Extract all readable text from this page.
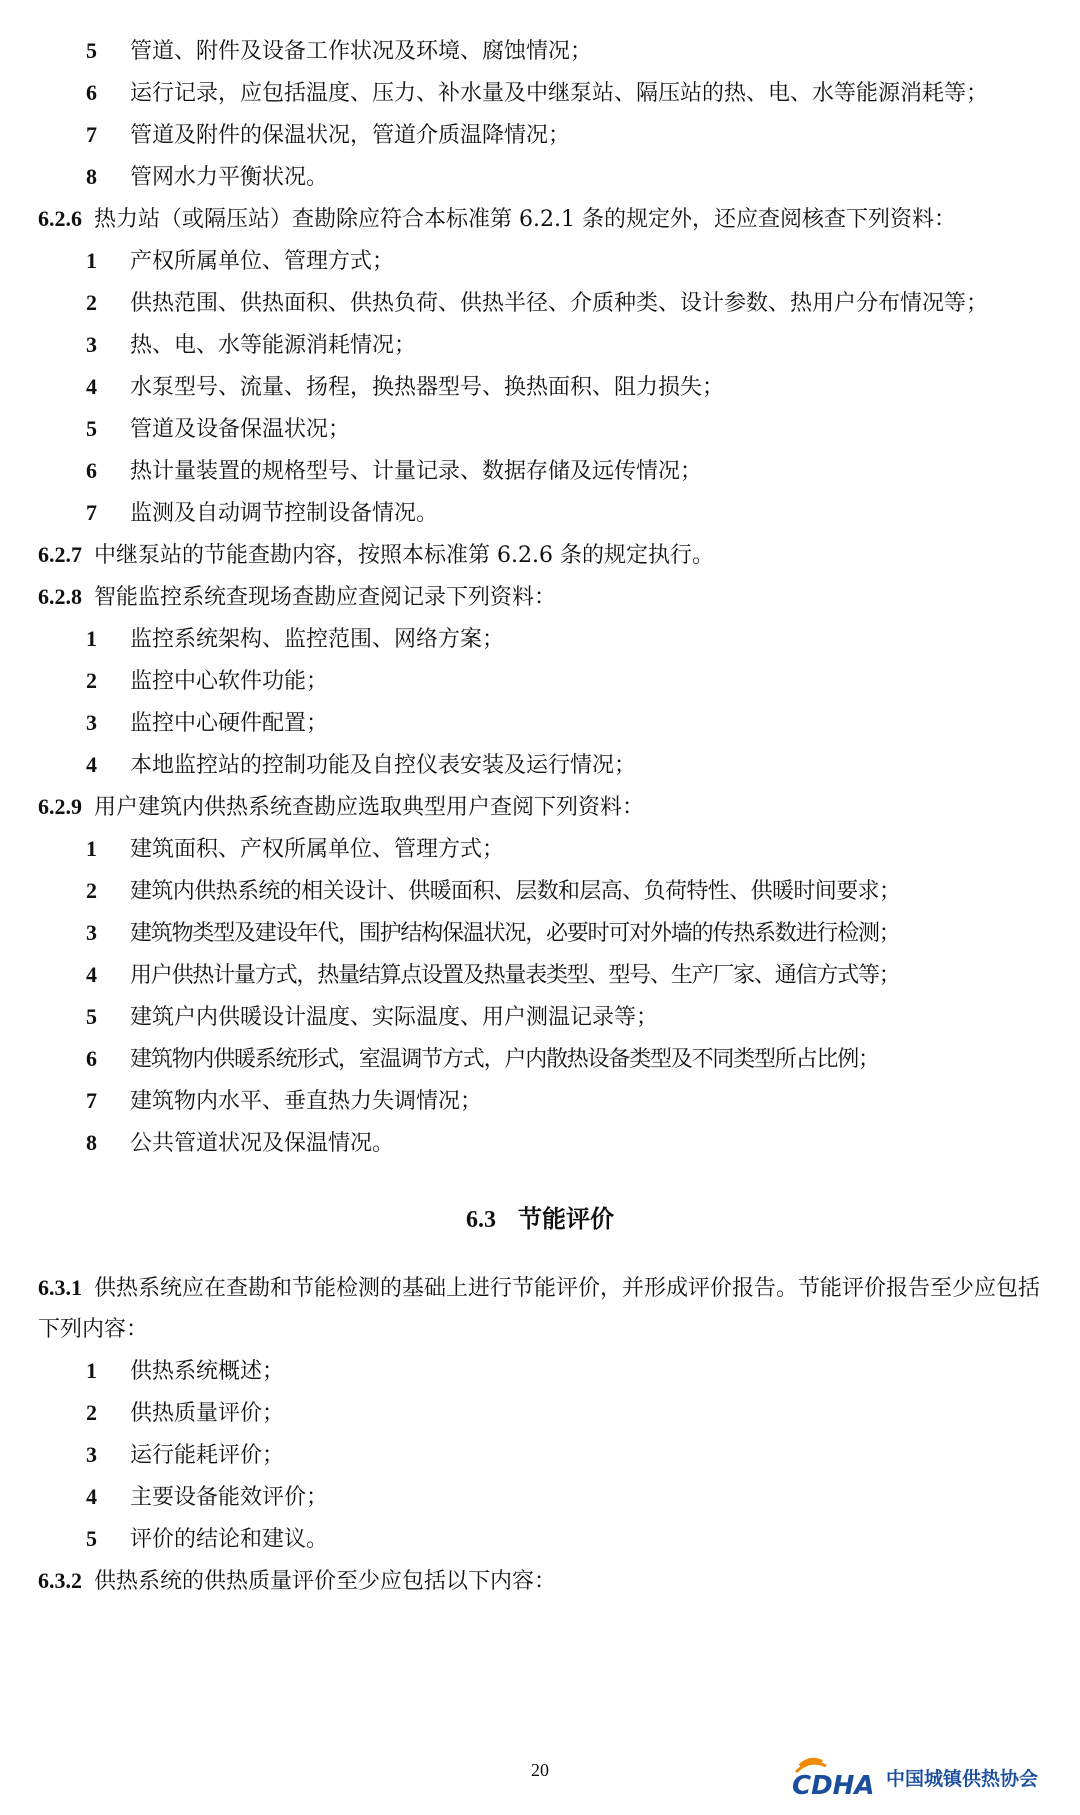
5 管道、附件及设备工作状况及环境、腐蚀情况；
6 运行记录，应包括温度、压力、补水量及中继泵站、隔压站的热、电、水等能源消耗等；
7 管道及附件的保温状况，管道介质温降情况；
8 管网水力平衡状况。
6.2.6 热力站（或隔压站）查勘除应符合本标准第 6.2.1 条的规定外，还应查阅核查下列资料：
1 产权所属单位、管理方式；
2 供热范围、供热面积、供热负荷、供热半径、介质种类、设计参数、热用户分布情况等；
3 热、电、水等能源消耗情况；
4 水泵型号、流量、扬程，换热器型号、换热面积、阻力损失；
5 管道及设备保温状况；
6 热计量装置的规格型号、计量记录、数据存储及远传情况；
7 监测及自动调节控制设备情况。
6.2.7 中继泵站的节能查勘内容，按照本标准第 6.2.6 条的规定执行。
6.2.8 智能监控系统查现场查勘应查阅记录下列资料：
1 监控系统架构、监控范围、网络方案；
2 监控中心软件功能；
3 监控中心硬件配置；
4 本地监控站的控制功能及自控仪表安装及运行情况；
6.2.9 用户建筑内供热系统查勘应选取典型用户查阅下列资料：
1 建筑面积、产权所属单位、管理方式；
2 建筑内供热系统的相关设计、供暖面积、层数和层高、负荷特性、供暖时间要求；
3 建筑物类型及建设年代，围护结构保温状况，必要时可对外墙的传热系数进行检测；
4 用户供热计量方式，热量结算点设置及热量表类型、型号、生产厂家、通信方式等；
5 建筑户内供暖设计温度、实际温度、用户测温记录等；
6 建筑物内供暖系统形式，室温调节方式，户内散热设备类型及不同类型所占比例；
7 建筑物内水平、垂直热力失调情况；
8 公共管道状况及保温情况。
6.3 节能评价
6.3.1 供热系统应在查勘和节能检测的基础上进行节能评价，并形成评价报告。节能评价报告至少应包括下列内容：
1 供热系统概述；
2 供热质量评价；
3 运行能耗评价；
4 主要设备能效评价；
5 评价的结论和建议。
6.3.2 供热系统的供热质量评价至少应包括以下内容：
20
CDHA 中国城镇供热协会
